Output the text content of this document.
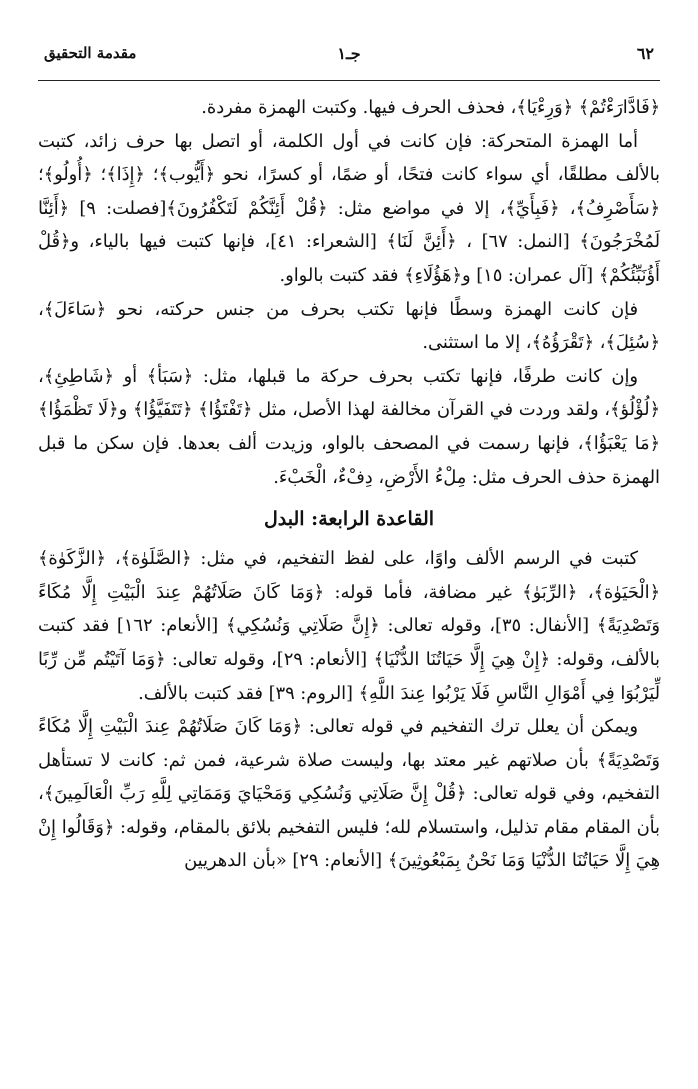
٦٢
جـ١
مقدمة التحقيق

﴿فَادَّارَءْتُمْ﴾ ﴿وَرِءْيَا﴾، فحذف الحرف فيها. وكتبت الهمزة مفردة.

أما الهمزة المتحركة: فإن كانت في أول الكلمة، أو اتصل بها حرف زائد، كتبت بالألف مطلقًا، أي سواء كانت فتحًا، أو ضمًا، أو كسرًا، نحو ﴿أَيُّوب﴾؛ ﴿إِذَا﴾؛ ﴿أُولُو﴾؛ ﴿سَأَصْرِفُ﴾، ﴿فَبِأَيِّ﴾، إلا في مواضع مثل: ﴿قُلْ أَئِنَّكُمْ لَتَكْفُرُونَ﴾[فصلت: ٩] ﴿أَئِنَّا لَمُخْرَجُونَ﴾ [النمل: ٦٧] ، ﴿أَئِنَّ لَنَا﴾ [الشعراء: ٤١]، فإنها كتبت فيها بالياء، و﴿قُلْ أَؤُنَبِّئُكُمْ﴾ [آل عمران: ١٥] و﴿هَؤُلَاءِ﴾ فقد كتبت بالواو.

فإن كانت الهمزة وسطًا فإنها تكتب بحرف من جنس حركته، نحو ﴿سَاءَلَ﴾، ﴿سُئِلَ﴾، ﴿تَقْرَؤُهُ﴾، إلا ما استثنى.

وإن كانت طرفًا، فإنها تكتب بحرف حركة ما قبلها، مثل: ﴿سَبَأ﴾ أو ﴿شَاطِئِ﴾، ﴿لُؤْلُؤ﴾، ولقد وردت في القرآن مخالفة لهذا الأصل، مثل ﴿تَفْتَؤُا﴾ ﴿تَتَفَيَّؤُا﴾ و﴿لَا تَظْمَؤُا﴾ ﴿مَا يَعْبَؤُا﴾، فإنها رسمت في المصحف بالواو، وزيدت ألف بعدها. فإن سكن ما قبل الهمزة حذف الحرف مثل: مِلْءُ الأَرْضِ، دِفْءٌ، الْخَبْءَ.

القاعدة الرابعة: البدل

كتبت في الرسم الألف واوًا، على لفظ التفخيم، في مثل: ﴿الصَّلَوٰة﴾، ﴿الزَّكَوٰة﴾ ﴿الْحَيَوٰة﴾، ﴿الرِّبَوٰ﴾ غير مضافة، فأما قوله: ﴿وَمَا كَانَ صَلَاتُهُمْ عِندَ الْبَيْتِ إِلَّا مُكَاءً وَتَصْدِيَةً﴾ [الأنفال: ٣٥]، وقوله تعالى: ﴿إِنَّ صَلَاتِي وَنُسُكِي﴾ [الأنعام: ١٦٢] فقد كتبت بالألف، وقوله: ﴿إِنْ هِيَ إِلَّا حَيَاتُنَا الدُّنْيَا﴾ [الأنعام: ٢٩]، وقوله تعالى: ﴿وَمَا آتَيْتُم مِّن رِّبًا لِّيَرْبُوَا فِي أَمْوَالِ النَّاسِ فَلَا يَرْبُوا عِندَ اللَّهِ﴾ [الروم: ٣٩] فقد كتبت بالألف.

ويمكن أن يعلل ترك التفخيم في قوله تعالى: ﴿وَمَا كَانَ صَلَاتُهُمْ عِندَ الْبَيْتِ إِلَّا مُكَاءً وَتَصْدِيَةً﴾ بأن صلاتهم غير معتد بها، وليست صلاة شرعية، فمن ثم: كانت لا تستأهل التفخيم، وفي قوله تعالى: ﴿قُلْ إِنَّ صَلَاتِي وَنُسُكِي وَمَحْيَايَ وَمَمَاتِي لِلَّهِ رَبِّ الْعَالَمِينَ﴾، بأن المقام مقام تذليل، واستسلام لله؛ فليس التفخيم بلائق بالمقام، وقوله: ﴿وَقَالُوا إِنْ هِيَ إِلَّا حَيَاتُنَا الدُّنْيَا وَمَا نَحْنُ بِمَبْعُوثِينَ﴾ [الأنعام: ٢٩] «بأن الدهريين
